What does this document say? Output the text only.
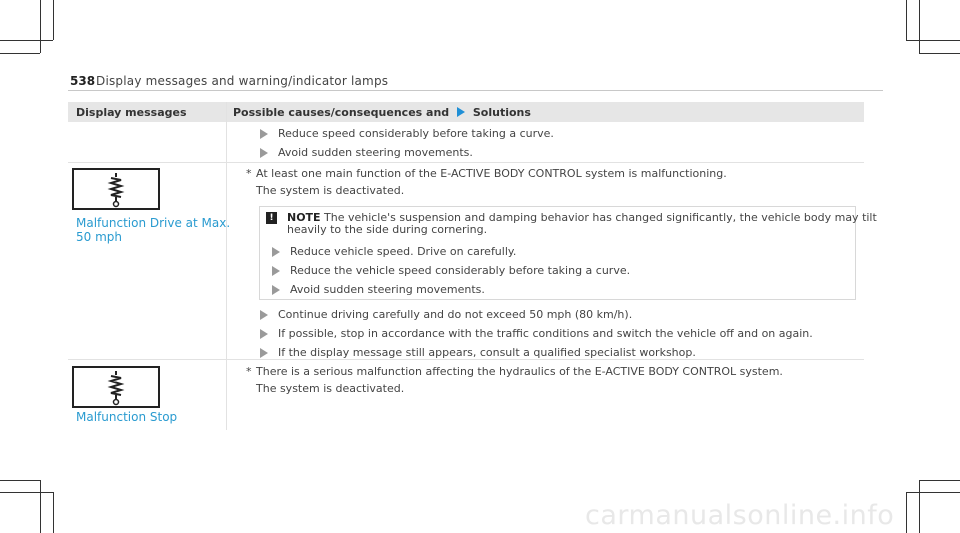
538 Display messages and warning/indicator lamps
Display messages	Possible causes/consequences and Solutions
Reduce speed considerably before taking a curve.
Avoid sudden steering movements.
Malfunction Drive at Max.
50 mph
* At least one main function of the E-ACTIVE BODY CONTROL system is malfunctioning.
The system is deactivated.
!	NOTE The vehicle's suspension and damping behavior has changed significantly, the vehicle body may tilt
heavily to the side during cornering.
Reduce vehicle speed. Drive on carefully.
Reduce the vehicle speed considerably before taking a curve.
Avoid sudden steering movements.
Continue driving carefully and do not exceed 50 mph (80 km/h).
If possible, stop in accordance with the traffic conditions and switch the vehicle off and on again.
If the display message still appears, consult a qualified specialist workshop.
Malfunction Stop
* There is a serious malfunction affecting the hydraulics of the E-ACTIVE BODY CONTROL system.
The system is deactivated.
carmanualsonline.info
